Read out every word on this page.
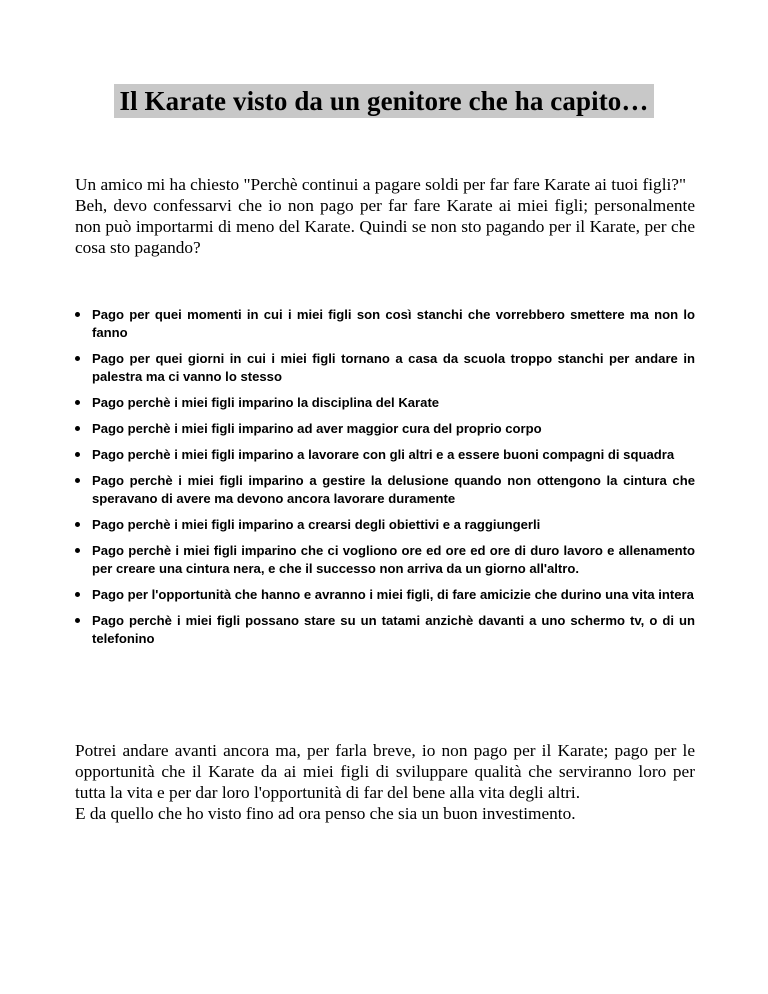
Il Karate visto da un genitore che ha capito…

Un amico mi ha chiesto "Perchè continui a pagare soldi per far fare Karate ai tuoi figli?"

Beh, devo confessarvi che io non pago per far fare Karate ai miei figli; personalmente non può importarmi di meno del Karate. Quindi se non sto pagando per il Karate, per che cosa sto pagando?

Pago per quei momenti in cui i miei figli son così stanchi che vorrebbero smettere ma non lo fanno
Pago per quei giorni in cui i miei figli tornano a casa da scuola troppo stanchi per andare in palestra ma ci vanno lo stesso
Pago perchè i miei figli imparino la disciplina del Karate
Pago perchè i miei figli imparino ad aver maggior cura del proprio corpo
Pago perchè i miei figli imparino a lavorare con gli altri e a essere buoni compagni di squadra
Pago perchè i miei figli imparino a gestire la delusione quando non ottengono la cintura che speravano di avere ma devono ancora lavorare duramente
Pago perchè i miei figli imparino a crearsi degli obiettivi e a raggiungerli
Pago perchè i miei figli imparino che ci vogliono ore ed ore ed ore di duro lavoro e allenamento per creare una cintura nera, e che il successo non arriva da un giorno all'altro.
Pago per l'opportunità che hanno e avranno i miei figli, di fare amicizie che durino una vita intera
Pago perchè i miei figli possano stare su un tatami anzichè davanti a uno schermo tv, o di un telefonino

Potrei andare avanti ancora ma, per farla breve, io non pago per il Karate; pago per le opportunità che il Karate da ai miei figli di sviluppare qualità che serviranno loro per tutta la vita e per dar loro l'opportunità di far del bene alla vita degli altri.

E da quello che ho visto fino ad ora penso che sia un buon investimento.
